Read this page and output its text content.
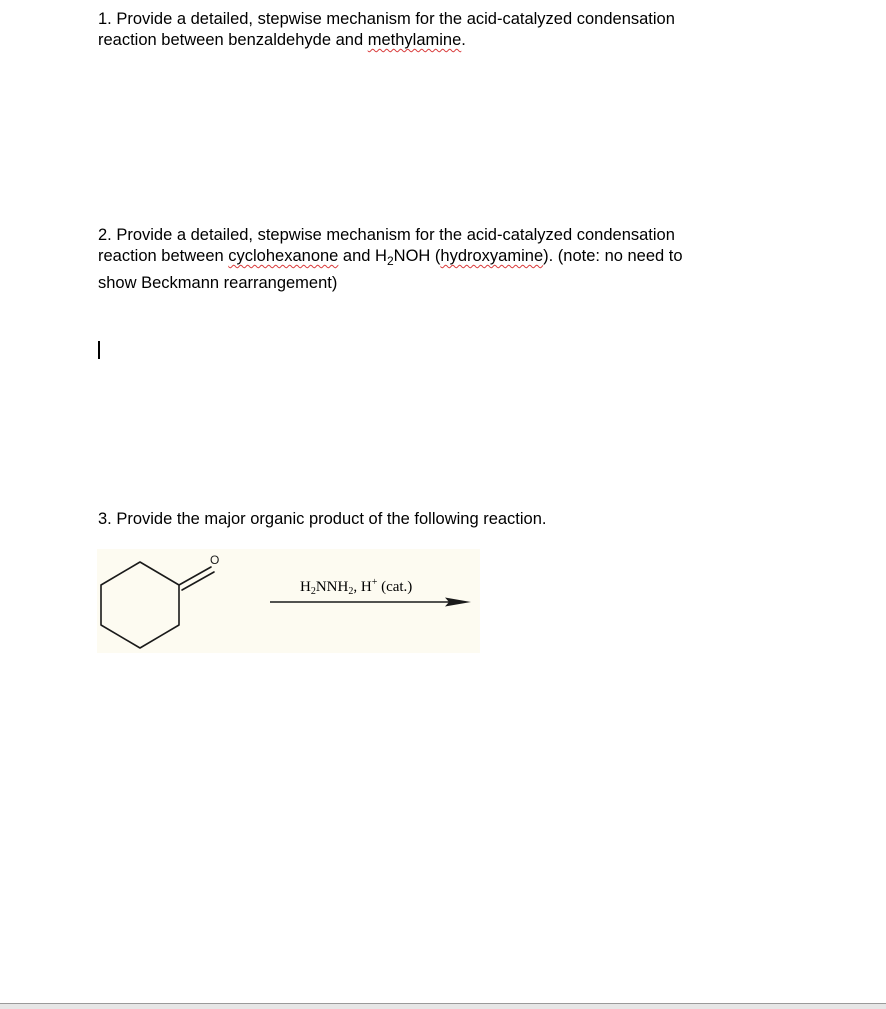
1. Provide a detailed, stepwise mechanism for the acid-catalyzed condensation
reaction between benzaldehyde and methylamine.
2. Provide a detailed, stepwise mechanism for the acid-catalyzed condensation
reaction between cyclohexanone and $H_2NOH$ (hydroxyamine). (note: no need to
show Beckmann rearrangement)
3. Provide the major organic product of the following reaction.
O
$H_2NNH_2$, H+ (cat.)
